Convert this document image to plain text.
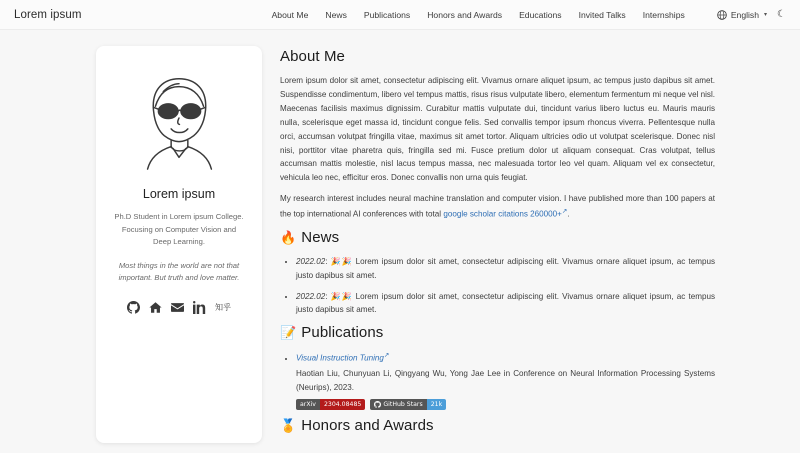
Lorem ipsum	About Me News Publications Honors and Awards Educations Invited Talks Internships	English ▾ ☾
Lorem ipsum
Ph.D Student in Lorem ipsum College. Focusing on Computer Vision and Deep Learning.
Most things in the world are not that important. But truth and love matter.
知乎
About Me

Lorem ipsum dolor sit amet, consectetur adipiscing elit. Vivamus ornare aliquet ipsum, ac tempus justo dapibus sit amet. Suspendisse condimentum, libero vel tempus mattis, risus risus vulputate libero, elementum fermentum mi neque vel nisl. Maecenas facilisis maximus dignissim. Curabitur mattis vulputate dui, tincidunt varius libero luctus eu. Mauris mauris nulla, scelerisque eget massa id, tincidunt congue felis. Sed convallis tempor ipsum rhoncus viverra. Pellentesque nulla orci, accumsan volutpat fringilla vitae, maximus sit amet tortor. Aliquam ultricies odio ut volutpat scelerisque. Donec nisl nisi, porttitor vitae pharetra quis, fringilla sed mi. Fusce pretium dolor ut aliquam consequat. Cras volutpat, tellus accumsan mattis molestie, nisl lacus tempus massa, nec malesuada tortor leo vel quam. Aliquam vel ex consectetur, vehicula leo nec, efficitur eros. Donec convallis non urna quis feugiat.

My research interest includes neural machine translation and computer vision. I have published more than 100 papers at the top international AI conferences with total google scholar citations 260000+↗.

🔥 News
• 2022.02: 🎉🎉 Lorem ipsum dolor sit amet, consectetur adipiscing elit. Vivamus ornare aliquet ipsum, ac tempus justo dapibus sit amet.
• 2022.02: 🎉🎉 Lorem ipsum dolor sit amet, consectetur adipiscing elit. Vivamus ornare aliquet ipsum, ac tempus justo dapibus sit amet.
📝 Publications
• Visual Instruction Tuning↗
Haotian Liu, Chunyuan Li, Qingyang Wu, Yong Jae Lee in Conference on Neural Information Processing Systems (Neurips), 2023.
arXiv	2304.08485	GitHub Stars	21k
🏅 Honors and Awards
